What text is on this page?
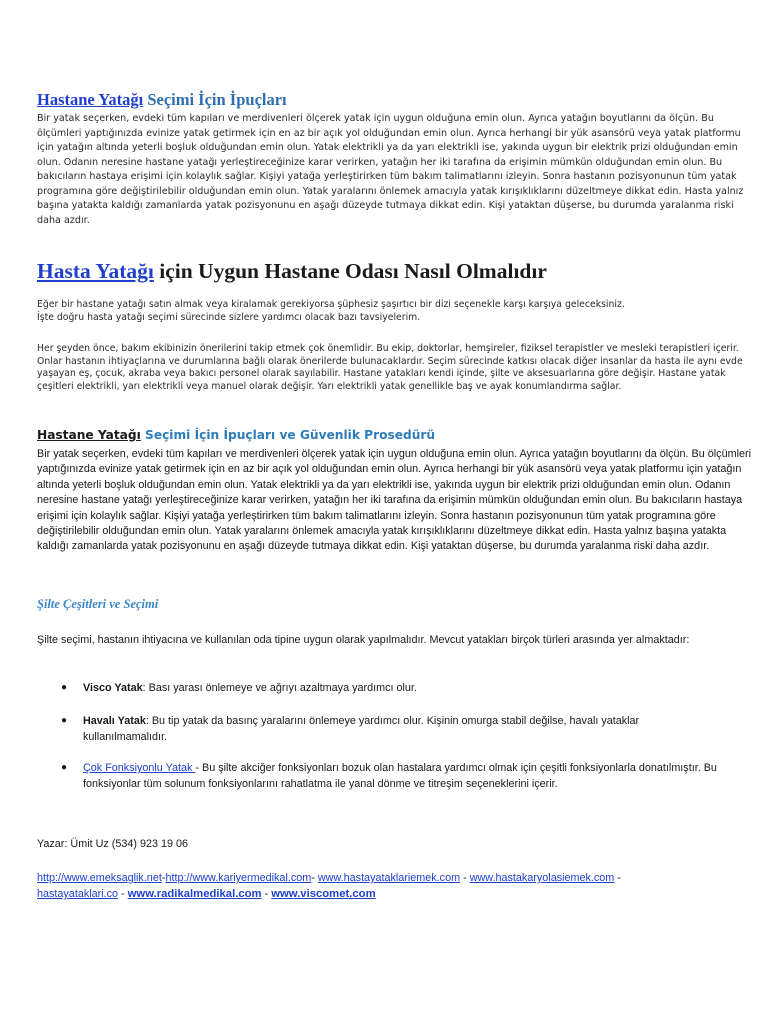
Hastane Yatağı Seçimi İçin İpuçları
Bir yatak seçerken, evdeki tüm kapıları ve merdivenleri ölçerek yatak için uygun olduğuna emin olun. Ayrıca yatağın boyutlarını da ölçün. Bu ölçümleri yaptığınızda evinize yatak getirmek için en az bir açık yol olduğundan emin olun. Ayrıca herhangi bir yük asansörü veya yatak platformu için yatağın altında yeterli boşluk olduğundan emin olun. Yatak elektrikli ya da yarı elektrikli ise, yakında uygun bir elektrik prizi olduğundan emin olun. Odanın neresine hastane yatağı yerleştireceğinize karar verirken, yatağın her iki tarafına da erişimin mümkün olduğundan emin olun. Bu bakıcıların hastaya erişimi için kolaylık sağlar. Kişiyi yatağa yerleştirirken tüm bakım talimatlarını izleyin. Sonra hastanın pozisyonunun tüm yatak programına göre değiştirilebilir olduğundan emin olun. Yatak yaralarını önlemek amacıyla yatak kırışıklıklarını düzeltmeye dikkat edin. Hasta yalnız başına yatakta kaldığı zamanlarda yatak pozisyonunu en aşağı düzeyde tutmaya dikkat edin. Kişi yataktan düşerse, bu durumda yaralanma riski daha azdır.
Hasta Yatağı için Uygun Hastane Odası Nasıl Olmalıdır
Eğer bir hastane yatağı satın almak veya kiralamak gerekiyorsa şüphesiz şaşırtıcı bir dizi seçenekle karşı karşıya geleceksiniz. İşte doğru hasta yatağı seçimi sürecinde sizlere yardımcı olacak bazı tavsiyelerim.
Her şeyden önce, bakım ekibinizin önerilerini takip etmek çok önemlidir. Bu ekip, doktorlar, hemşireler, fiziksel terapistler ve mesleki terapistleri içerir. Onlar hastanın ihtiyaçlarına ve durumlarına bağlı olarak önerilerde bulunacaklardır. Seçim sürecinde katkısı olacak diğer insanlar da hasta ile aynı evde yaşayan eş, çocuk, akraba veya bakıcı personel olarak sayılabilir. Hastane yatakları kendi içinde, şilte ve aksesuarlarına göre değişir. Hastane yatak çeşitleri elektrikli, yarı elektrikli veya manuel olarak değişir. Yarı elektrikli yatak genellikle baş ve ayak konumlandırma sağlar.
Hastane Yatağı Seçimi İçin İpuçları ve Güvenlik Prosedürü
Bir yatak seçerken, evdeki tüm kapıları ve merdivenleri ölçerek yatak için uygun olduğuna emin olun. Ayrıca yatağın boyutlarını da ölçün. Bu ölçümleri yaptığınızda evinize yatak getirmek için en az bir açık yol olduğundan emin olun. Ayrıca herhangi bir yük asansörü veya yatak platformu için yatağın altında yeterli boşluk olduğundan emin olun. Yatak elektrikli ya da yarı elektrikli ise, yakında uygun bir elektrik prizi olduğundan emin olun. Odanın neresine hastane yatağı yerleştireceğinize karar verirken, yatağın her iki tarafına da erişimin mümkün olduğundan emin olun. Bu bakıcıların hastaya erişimi için kolaylık sağlar. Kişiyi yatağa yerleştirirken tüm bakım talimatlarını izleyin. Sonra hastanın pozisyonunun tüm yatak programına göre değiştirilebilir olduğundan emin olun. Yatak yaralarını önlemek amacıyla yatak kırışıklıklarını düzeltmeye dikkat edin. Hasta yalnız başına yatakta kaldığı zamanlarda yatak pozisyonunu en aşağı düzeyde tutmaya dikkat edin. Kişi yataktan düşerse, bu durumda yaralanma riski daha azdır.
Şilte Çeşitleri ve Seçimi
Şilte seçimi, hastanın ihtiyacına ve kullanılan oda tipine uygun olarak yapılmalıdır. Mevcut yatakları birçok türleri arasında yer almaktadır:
● Visco Yatak: Bası yarası önlemeye ve ağrıyı azaltmaya yardımcı olur.
● Havalı Yatak: Bu tip yatak da basınç yaralarını önlemeye yardımcı olur. Kişinin omurga stabil değilse, havalı yataklar kullanılmamalıdır.
● Çok Fonksiyonlu Yatak - Bu şilte akciğer fonksiyonları bozuk olan hastalara yardımcı olmak için çeşitli fonksiyonlarla donatılmıştır. Bu fonksiyonlar tüm solunum fonksiyonlarını rahatlatma ile yanal dönme ve titreşim seçeneklerini içerir.
Yazar: Ümit Uz (534) 923 19 06
http://www.emeksaglik.net-http://www.kariyermedikal.com- www.hastayataklariemek.com - www.hastakaryolasiemek.com -
hastayataklari.co - www.radikalmedikal.com - www.viscomet.com
